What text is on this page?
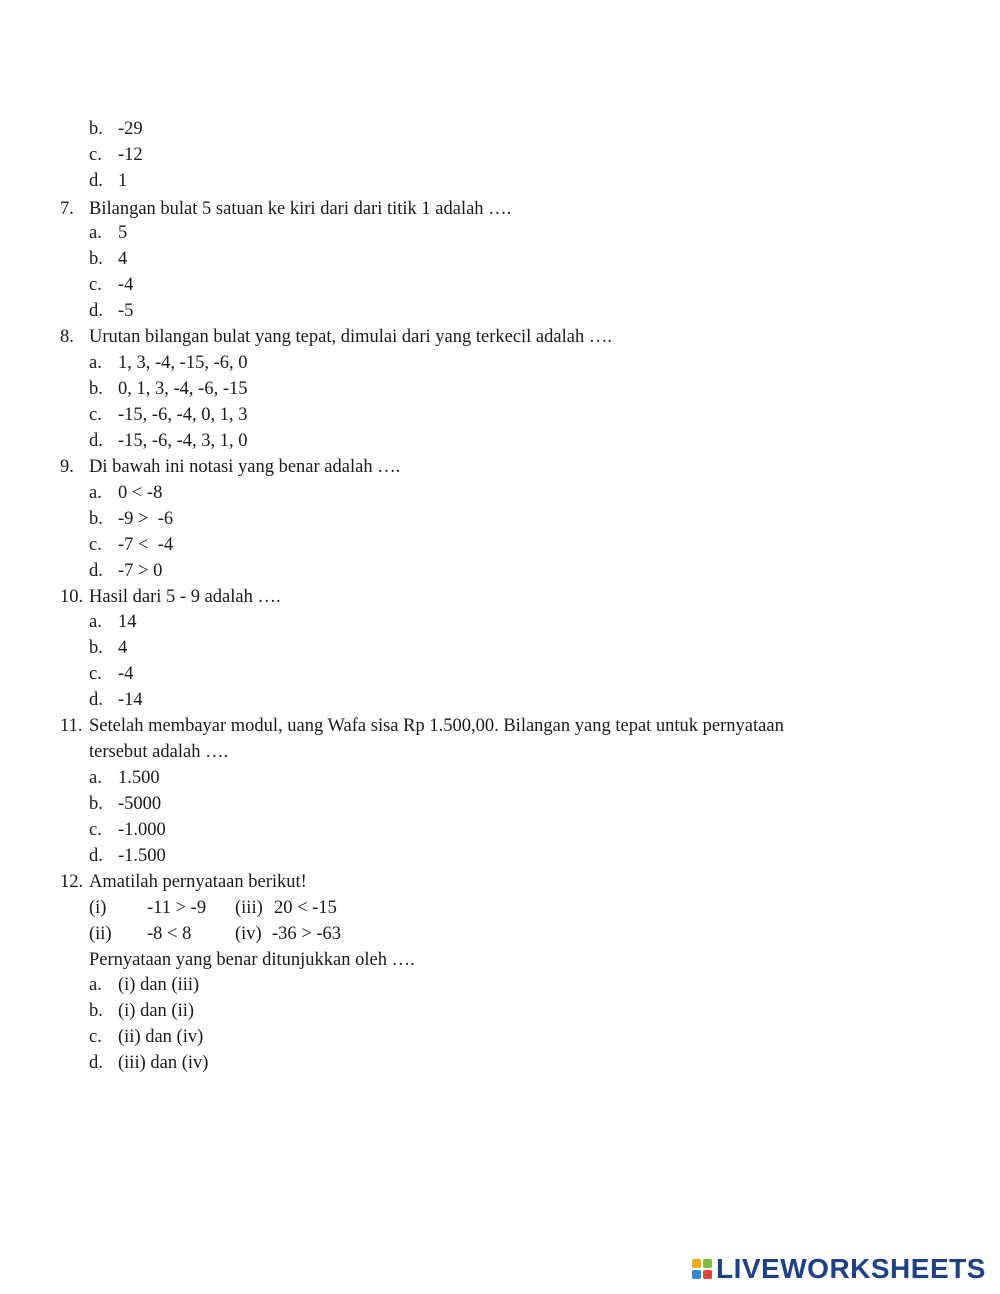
b. -29
c. -12
d. 1
7. Bilangan bulat 5 satuan ke kiri dari dari titik 1 adalah ….
a. 5
b. 4
c. -4
d. -5
8. Urutan bilangan bulat yang tepat, dimulai dari yang terkecil adalah ….
a. 1, 3, -4, -15, -6, 0
b. 0, 1, 3, -4, -6, -15
c. -15, -6, -4, 0, 1, 3
d. -15, -6, -4, 3, 1, 0
9. Di bawah ini notasi yang benar adalah ….
a. 0 < -8
b. -9 >  -6
c. -7 <  -4
d. -7 > 0
10. Hasil dari 5 - 9 adalah ….
a. 14
b. 4
c. -4
d. -14
11. Setelah membayar modul, uang Wafa sisa Rp 1.500,00. Bilangan yang tepat untuk pernyataan
tersebut adalah ….
a. 1.500
b. -5000
c. -1.000
d. -1.500
12. Amatilah pernyataan berikut!
(i) -11 > -9 (iii) 20 < -15
(ii) -8 < 8 (iv) -36 > -63
Pernyataan yang benar ditunjukkan oleh ….
a. (i) dan (iii)
b. (i) dan (ii)
c. (ii) dan (iv)
d. (iii) dan (iv)
LIVEWORKSHEETS
